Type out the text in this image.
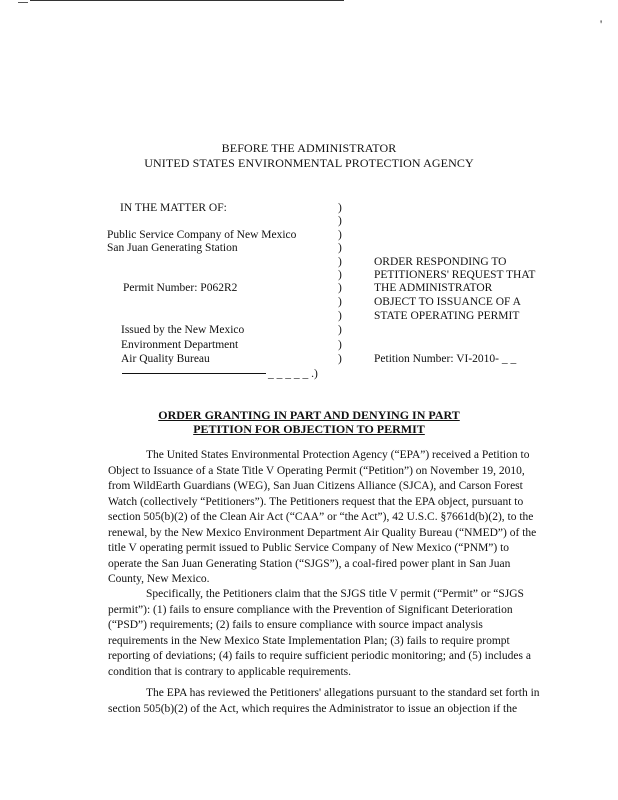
'
BEFORE THE ADMINISTRATOR
UNITED STATES ENVIRONMENTAL PROTECTION AGENCY
IN THE MATTER OF:
Public Service Company of New Mexico
San Juan Generating Station
Permit Number: P062R2
Issued by the New Mexico
Environment Department
Air Quality Bureau
_ _ _ _ _ .)
)
)
)
)
)
)
)
)
)
)
)
)
ORDER RESPONDING TO
PETITIONERS' REQUEST THAT
THE ADMINISTRATOR
OBJECT TO ISSUANCE OF A
STATE OPERATING PERMIT
Petition Number: VI-2010- _ _
ORDER GRANTING IN PART AND DENYING IN PART
PETITION FOR OBJECTION TO PERMIT
The United States Environmental Protection Agency (“EPA”) received a Petition to
Object to Issuance of a State Title V Operating Permit (“Petition”) on November 19, 2010,
from WildEarth Guardians (WEG), San Juan Citizens Alliance (SJCA), and Carson Forest
Watch (collectively “Petitioners”). The Petitioners request that the EPA object, pursuant to
section 505(b)(2) of the Clean Air Act (“CAA” or “the Act”), 42 U.S.C. §7661d(b)(2), to the
renewal, by the New Mexico Environment Department Air Quality Bureau (“NMED”) of the
title V operating permit issued to Public Service Company of New Mexico (“PNM”) to
operate the San Juan Generating Station (“SJGS”), a coal-fired power plant in San Juan
County, New Mexico.
Specifically, the Petitioners claim that the SJGS title V permit (“Permit” or “SJGS
permit”): (1) fails to ensure compliance with the Prevention of Significant Deterioration
(“PSD”) requirements; (2) fails to ensure compliance with source impact analysis
requirements in the New Mexico State Implementation Plan; (3) fails to require prompt
reporting of deviations; (4) fails to require sufficient periodic monitoring; and (5) includes a
condition that is contrary to applicable requirements.
The EPA has reviewed the Petitioners' allegations pursuant to the standard set forth in
section 505(b)(2) of the Act, which requires the Administrator to issue an objection if the
